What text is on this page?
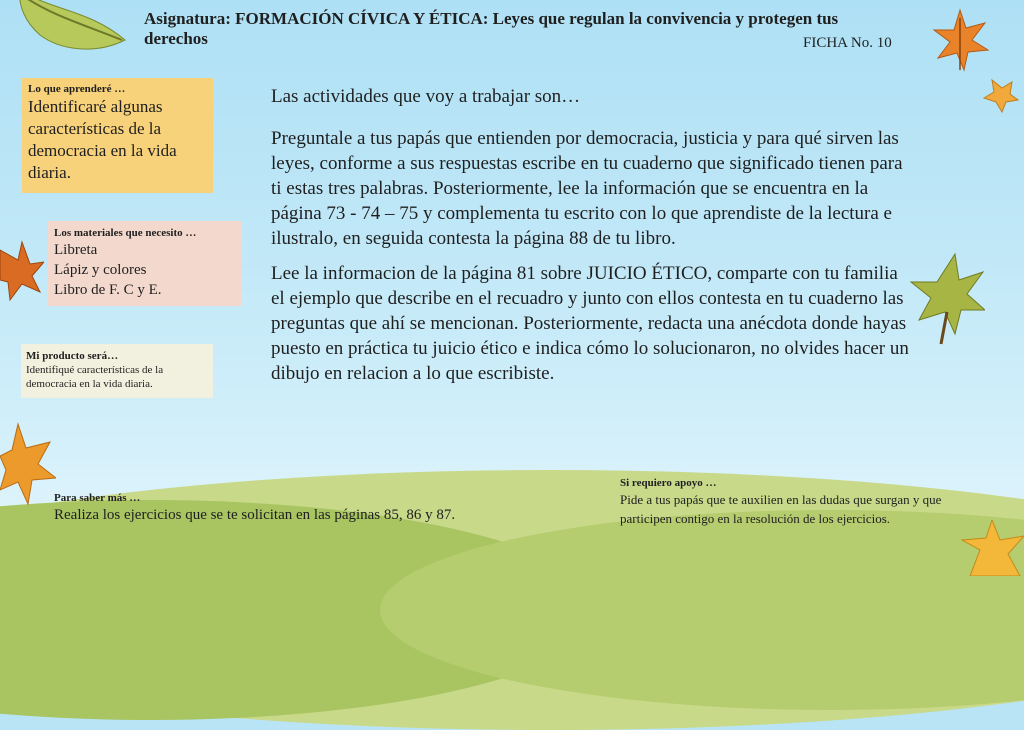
Asignatura: FORMACIÓN CÍVICA Y ÉTICA: Leyes que regulan la convivencia y protegen tus derechos	FICHA No. 10
Lo que aprenderé …
Identificaré algunas características de la democracia en la vida diaria.
Los materiales que necesito …
Libreta
Lápiz y colores
Libro de F. C y E.
Mi producto será…
Identifiqué características de la democracia en la vida diaria.

Las actividades que voy a trabajar son…

Preguntale a tus papás que entienden por democracia, justicia y para qué sirven las leyes, conforme a sus respuestas escribe en tu cuaderno que significado tienen para ti estas tres palabras. Posteriormente, lee la información que se encuentra en la página 73 - 74 – 75 y complementa tu escrito con lo que aprendiste de la lectura e ilustralo, en seguida contesta la página 88 de tu libro.

Lee la informacion de la página 81 sobre JUICIO ÉTICO, comparte con tu familia el ejemplo que describe en el recuadro y junto con ellos contesta en tu cuaderno las preguntas que ahí se mencionan. Posteriormente, redacta una anécdota donde hayas puesto en práctica tu juicio ético e indica cómo lo solucionaron, no olvides hacer un dibujo en relacion a lo que escribiste.

Para saber más …
Realiza los ejercicios que se te solicitan en las páginas 85, 86 y 87.
Si requiero apoyo …
Pide a tus papás que te auxilien en las dudas que surgan y que participen contigo en la resolución de los ejercicios.
